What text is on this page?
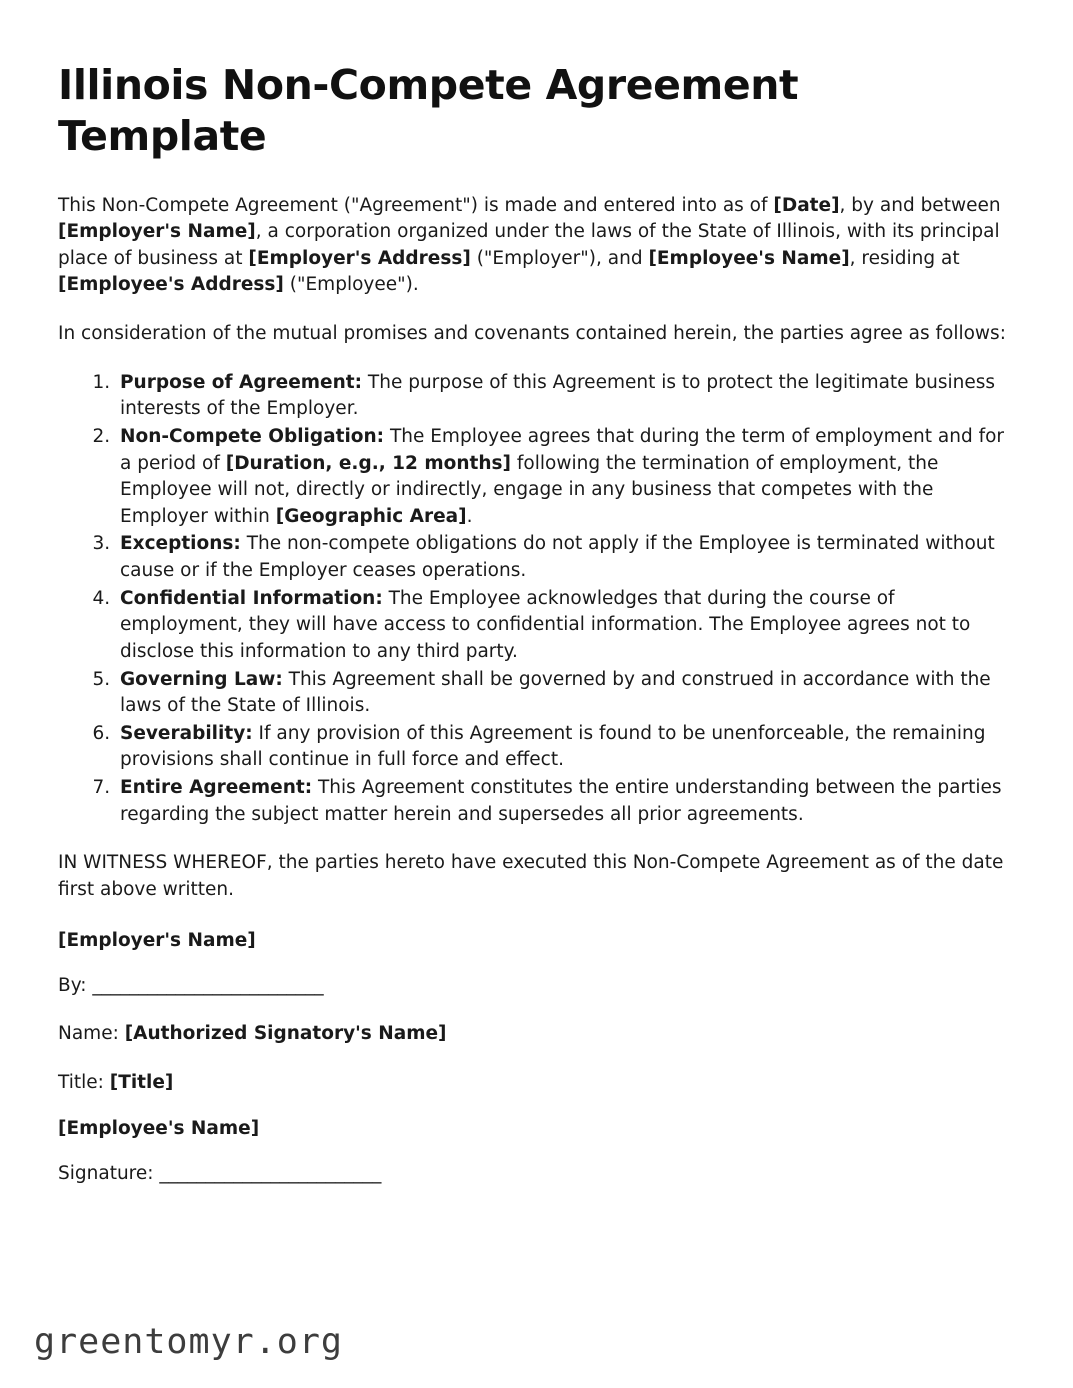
Illinois Non-Compete Agreement Template

This Non-Compete Agreement ("Agreement") is made and entered into as of [Date], by and between [Employer's Name], a corporation organized under the laws of the State of Illinois, with its principal place of business at [Employer's Address] ("Employer"), and [Employee's Name], residing at [Employee's Address] ("Employee").

In consideration of the mutual promises and covenants contained herein, the parties agree as follows:

1. Purpose of Agreement: The purpose of this Agreement is to protect the legitimate business interests of the Employer.
2. Non-Compete Obligation: The Employee agrees that during the term of employment and for a period of [Duration, e.g., 12 months] following the termination of employment, the Employee will not, directly or indirectly, engage in any business that competes with the Employer within [Geographic Area].
3. Exceptions: The non-compete obligations do not apply if the Employee is terminated without cause or if the Employer ceases operations.
4. Confidential Information: The Employee acknowledges that during the course of employment, they will have access to confidential information. The Employee agrees not to disclose this information to any third party.
5. Governing Law: This Agreement shall be governed by and construed in accordance with the laws of the State of Illinois.
6. Severability: If any provision of this Agreement is found to be unenforceable, the remaining provisions shall continue in full force and effect.
7. Entire Agreement: This Agreement constitutes the entire understanding between the parties regarding the subject matter herein and supersedes all prior agreements.

IN WITNESS WHEREOF, the parties hereto have executed this Non-Compete Agreement as of the date first above written.

[Employer's Name]

By: _________________________

Name: [Authorized Signatory's Name]

Title: [Title]

[Employee's Name]

Signature: ________________________

greentomyr.org
